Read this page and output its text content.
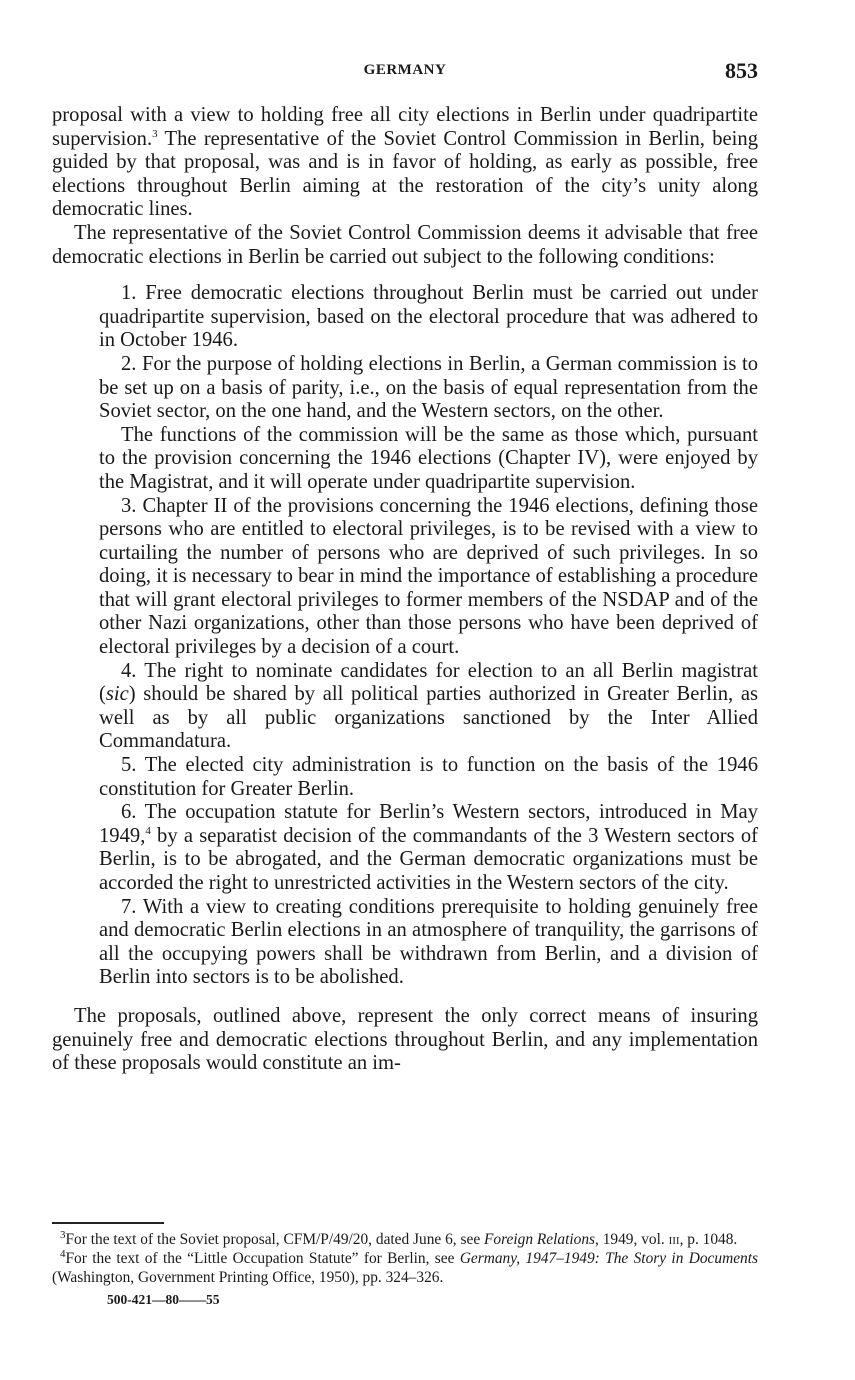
GERMANY	853

proposal with a view to holding free all city elections in Berlin under quadripartite supervision.$^3$ The representative of the Soviet Control Commission in Berlin, being guided by that proposal, was and is in favor of holding, as early as possible, free elections throughout Berlin aiming at the restoration of the city’s unity along democratic lines.

The representative of the Soviet Control Commission deems it advisable that free democratic elections in Berlin be carried out subject to the following conditions:

1. Free democratic elections throughout Berlin must be carried out under quadripartite supervision, based on the electoral procedure that was adhered to in October 1946.

2. For the purpose of holding elections in Berlin, a German commission is to be set up on a basis of parity, i.e., on the basis of equal representation from the Soviet sector, on the one hand, and the Western sectors, on the other.

The functions of the commission will be the same as those which, pursuant to the provision concerning the 1946 elections (Chapter IV), were enjoyed by the Magistrat, and it will operate under quadripartite supervision.

3. Chapter II of the provisions concerning the 1946 elections, defining those persons who are entitled to electoral privileges, is to be revised with a view to curtailing the number of persons who are deprived of such privileges. In so doing, it is necessary to bear in mind the importance of establishing a procedure that will grant electoral privileges to former members of the NSDAP and of the other Nazi organizations, other than those persons who have been deprived of electoral privileges by a decision of a court.

4. The right to nominate candidates for election to an all Berlin magistrat (sic) should be shared by all political parties authorized in Greater Berlin, as well as by all public organizations sanctioned by the Inter Allied Commandatura.

5. The elected city administration is to function on the basis of the 1946 constitution for Greater Berlin.

6. The occupation statute for Berlin’s Western sectors, introduced in May 1949,$^4$ by a separatist decision of the commandants of the 3 Western sectors of Berlin, is to be abrogated, and the German democratic organizations must be accorded the right to unrestricted activities in the Western sectors of the city.

7. With a view to creating conditions prerequisite to holding genuinely free and democratic Berlin elections in an atmosphere of tranquility, the garrisons of all the occupying powers shall be withdrawn from Berlin, and a division of Berlin into sectors is to be abolished.

The proposals, outlined above, represent the only correct means of insuring genuinely free and democratic elections throughout Berlin, and any implementation of these proposals would constitute an im-

$^3$For the text of the Soviet proposal, CFM/P/49/20, dated June 6, see Foreign Relations, 1949, vol. iii, p. 1048.

$^4$For the text of the “Little Occupation Statute” for Berlin, see Germany, 1947–1949: The Story in Documents (Washington, Government Printing Office, 1950), pp. 324–326.

500-421—80——55
